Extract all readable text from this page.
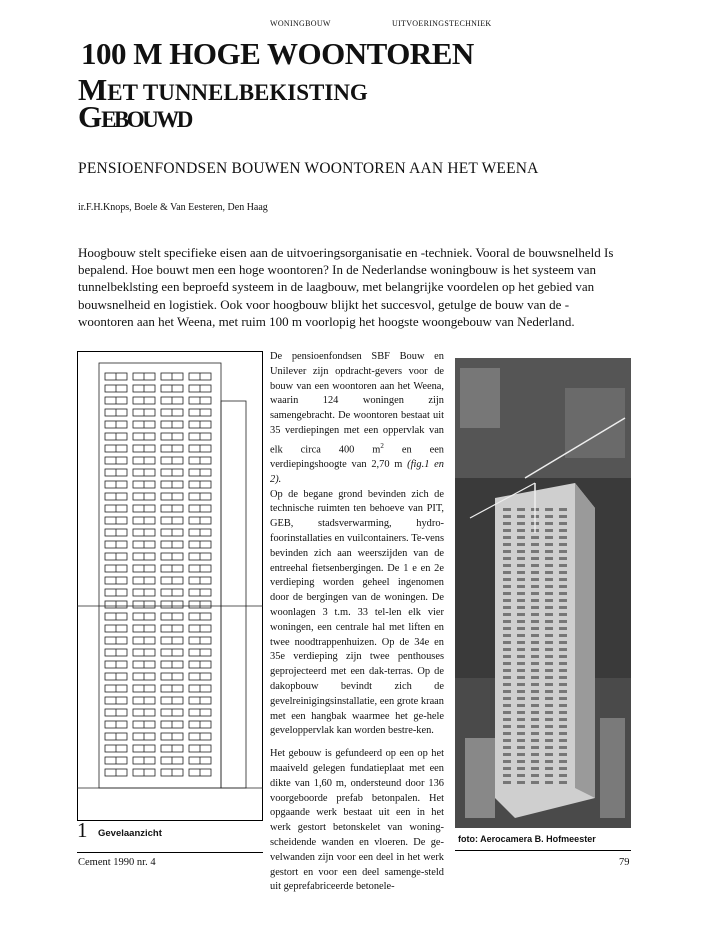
WONINGBOUW	UITVOERINGSTECHNIEK
100 M HOGE WOONTOREN
MET TUNNELBEKISTING
GEBOUWD
PENSIOENFONDSEN BOUWEN WOONTOREN AAN HET WEENA
ir.F.H.Knops, Boele & Van Eesteren, Den Haag
Hoogbouw stelt specifieke eisen aan de uitvoeringsorganisatie en -techniek. Vooral de bouwsnelheld Is bepalend. Hoe bouwt men een hoge woontoren? In de Nederlandse woningbouw is het systeem van tunnelbeklsting een beproefd systeem in de laagbouw, met belangrijke voordelen op het gebied van bouwsnelheid en logistiek. Ook voor hoogbouw blijkt het succesvol, getulge de bouw van de -woontoren aan het Weena, met ruim 100 m voorlopig het hoogste woongebouw van Nederland.
1 Gevelaanzicht

De pensioenfondsen SBF Bouw en Unilever zijn opdracht-gevers voor de bouw van een woontoren aan het Weena, waarin 124 woningen zijn samengebracht. De woontoren bestaat uit 35 verdiepingen met een oppervlak van elk circa 400 $m^2$ en een verdiepingshoogte van 2,70 m (fig.1 en 2).

Op de begane grond bevinden zich de technische ruimten ten behoeve van PIT, GEB, stadsverwarming, hydro-foorinstallaties en vuilcontainers. Te-vens bevinden zich aan weerszijden van de entreehal fietsenbergingen. De 1 e en 2e verdieping worden geheel ingenomen door de bergingen van de woningen. De woonlagen 3 t.m. 33 tel-len elk vier woningen, een centrale hal met liften en twee noodtrappenhuizen. Op de 34e en 35e verdieping zijn twee penthouses geprojecteerd met een dak-terras. Op de dakopbouw bevindt zich de gevelreinigingsinstallatie, een grote kraan met een hangbak waarmee het ge-hele geveloppervlak kan worden bestre-ken.

Het gebouw is gefundeerd op een op het maaiveld gelegen fundatieplaat met een dikte van 1,60 m, ondersteund door 136 voorgeboorde prefab betonpalen. Het opgaande werk bestaat uit een in het werk gestort betonskelet van woning-scheidende wanden en vloeren. De ge-velwanden zijn voor een deel in het werk gestort en voor een deel samenge-steld uit geprefabriceerde betonele-

foto: Aerocamera B. Hofmeester
Cement 1990 nr. 4	79
